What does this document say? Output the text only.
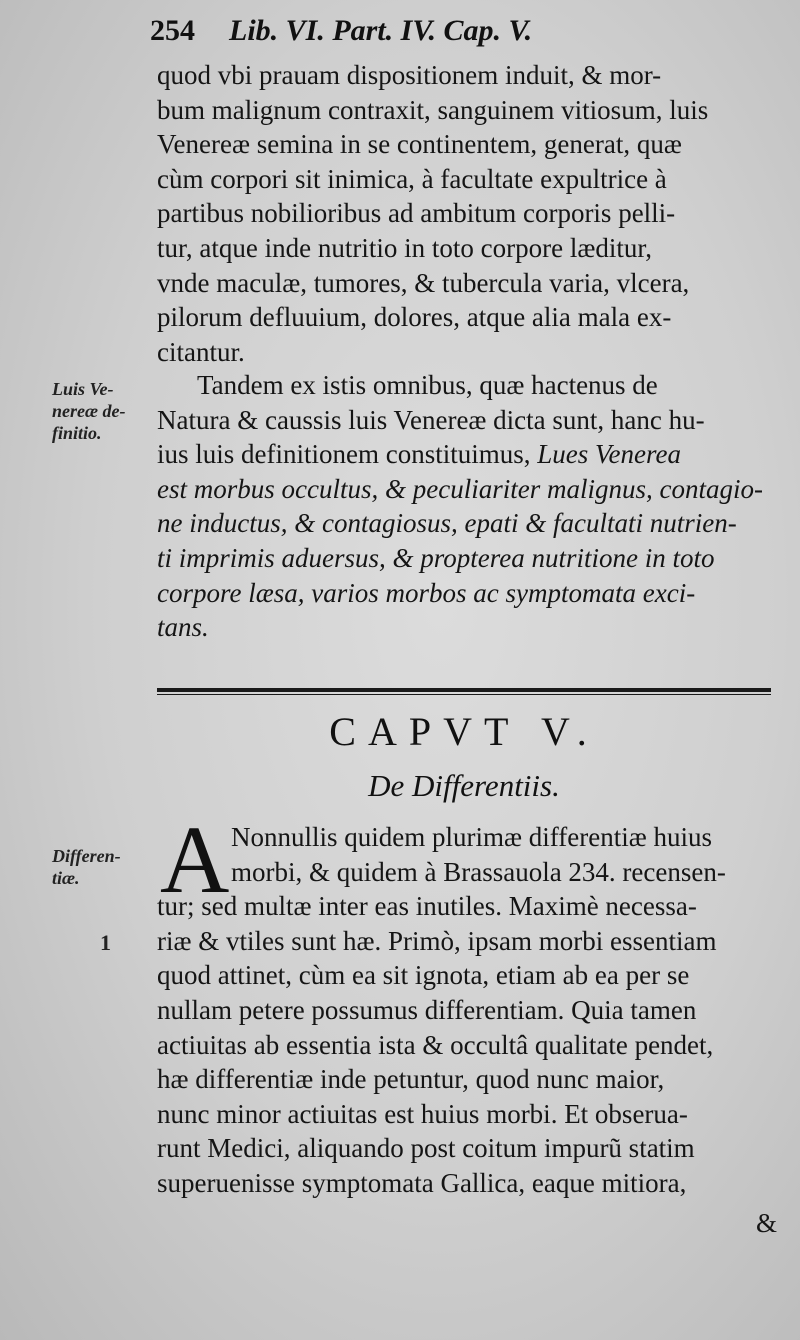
254 Lib. VI. Part. IV. Cap. V.
quod vbi prauam dispositionem induit, & mor-
bum malignum contraxit, sanguinem vitiosum, luis
Venereæ semina in se continentem, generat, quæ
cùm corpori sit inimica, à facultate expultrice à
partibus nobilioribus ad ambitum corporis pelli-
tur, atque inde nutritio in toto corpore læditur,
vnde maculæ, tumores, & tubercula varia, vlcera,
pilorum defluuium, dolores, atque alia mala ex-
citantur.
Luis Ve-
nereæ de-
finitio.
Tandem ex istis omnibus, quæ hactenus de
Natura & caussis luis Venereæ dicta sunt, hanc hu-
ius luis definitionem constituimus, Lues Venerea
est morbus occultus, & peculiariter malignus, contagio-
ne inductus, & contagiosus, epati & facultati nutrien-
ti imprimis aduersus, & propterea nutritione in toto
corpore læsa, varios morbos ac symptomata exci-
tans.
CAPVT V.
De Differentiis.
Differen-
tiæ.
1
A Nonnullis quidem plurimæ differentiæ huius
morbi, & quidem à Brassauola 234. recensen-
tur; sed multæ inter eas inutiles. Maximè necessa-
riæ & vtiles sunt hæ. Primò, ipsam morbi essentiam
quod attinet, cùm ea sit ignota, etiam ab ea per se
nullam petere possumus differentiam. Quia tamen
actiuitas ab essentia ista & occultâ qualitate pendet,
hæ differentiæ inde petuntur, quod nunc maior,
nunc minor actiuitas est huius morbi. Et obserua-
runt Medici, aliquando post coitum impurũ statim
superuenisse symptomata Gallica, eaque mitiora,
&
